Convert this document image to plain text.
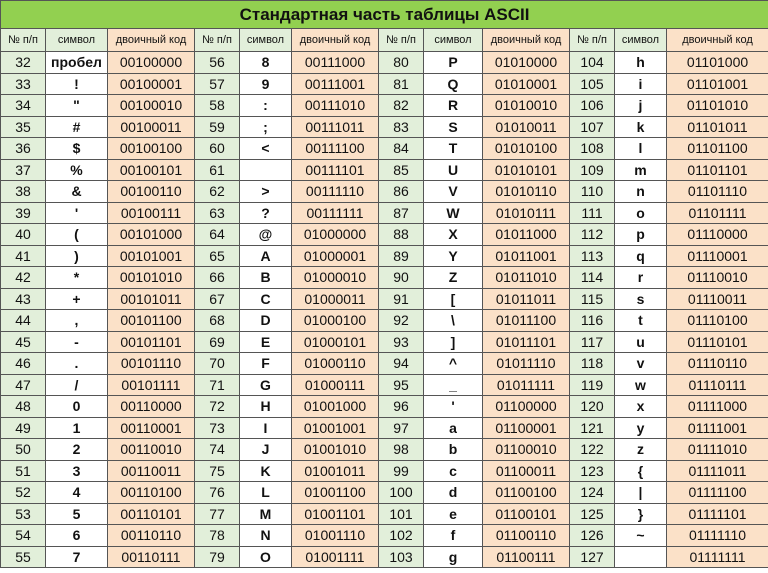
Стандартная часть таблицы ASCII											
№ п/п	символ	двоичный код	№ п/п	символ	двоичный код	№ п/п	символ	двоичный код	№ п/п	символ	двоичный код
32	пробел	00100000	56	8	00111000	80	P	01010000	104	h	01101000
33	!	00100001	57	9	00111001	81	Q	01010001	105	i	01101001
34	"	00100010	58	:	00111010	82	R	01010010	106	j	01101010
35	#	00100011	59	;	00111011	83	S	01010011	107	k	01101011
36	$	00100100	60	<	00111100	84	T	01010100	108	l	01101100
37	%	00100101	61		00111101	85	U	01010101	109	m	01101101
38	&	00100110	62	>	00111110	86	V	01010110	110	n	01101110
39	'	00100111	63	?	00111111	87	W	01010111	111	o	01101111
40	(	00101000	64	@	01000000	88	X	01011000	112	p	01110000
41	)	00101001	65	A	01000001	89	Y	01011001	113	q	01110001
42	*	00101010	66	B	01000010	90	Z	01011010	114	r	01110010
43	+	00101011	67	C	01000011	91	[	01011011	115	s	01110011
44	,	00101100	68	D	01000100	92	\	01011100	116	t	01110100
45	-	00101101	69	E	01000101	93	]	01011101	117	u	01110101
46	.	00101110	70	F	01000110	94	^	01011110	118	v	01110110
47	/	00101111	71	G	01000111	95	_	01011111	119	w	01110111
48	0	00110000	72	H	01001000	96	'	01100000	120	x	01111000
49	1	00110001	73	I	01001001	97	a	01100001	121	y	01111001
50	2	00110010	74	J	01001010	98	b	01100010	122	z	01111010
51	3	00110011	75	K	01001011	99	c	01100011	123	{	01111011
52	4	00110100	76	L	01001100	100	d	01100100	124	|	01111100
53	5	00110101	77	M	01001101	101	e	01100101	125	}	01111101
54	6	00110110	78	N	01001110	102	f	01100110	126	~	01111110
55	7	00110111	79	O	01001111	103	g	01100111	127		01111111
